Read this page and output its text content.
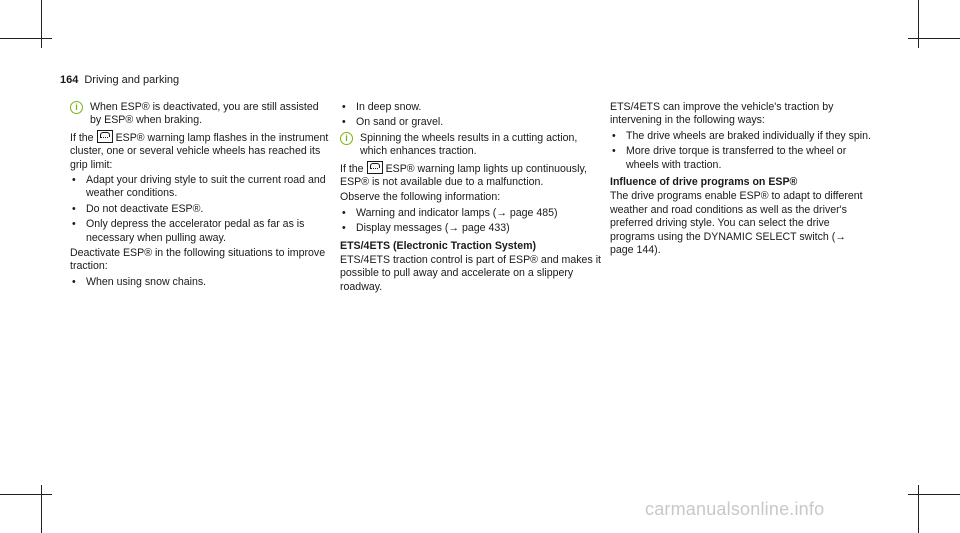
164 Driving and parking
i	When ESP® is deactivated, you are still assisted by ESP® when braking.

If the ESP® warning lamp flashes in the instrument cluster, one or several vehicle wheels has reached its grip limit:

• Adapt your driving style to suit the current road and weather conditions.
• Do not deactivate ESP®.
• Only depress the accelerator pedal as far as is necessary when pulling away.

Deactivate ESP® in the following situations to improve traction:

• When using snow chains.
• In deep snow.
• On sand or gravel.
i	Spinning the wheels results in a cutting action, which enhances traction.

If the ESP® warning lamp lights up continuously, ESP® is not available due to a malfunction.

Observe the following information:

• Warning and indicator lamps (→ page 485)
• Display messages (→ page 433)
ETS/4ETS (Electronic Traction System)

ETS/4ETS traction control is part of ESP® and makes it possible to pull away and accelerate on a slippery roadway.

ETS/4ETS can improve the vehicle's traction by intervening in the following ways:

• The drive wheels are braked individually if they spin.
• More drive torque is transferred to the wheel or wheels with traction.
Influence of drive programs on ESP®

The drive programs enable ESP® to adapt to different weather and road conditions as well as the driver's preferred driving style. You can select the drive programs using the DYNAMIC SELECT switch (→ page 144).

carmanualsonline.info
